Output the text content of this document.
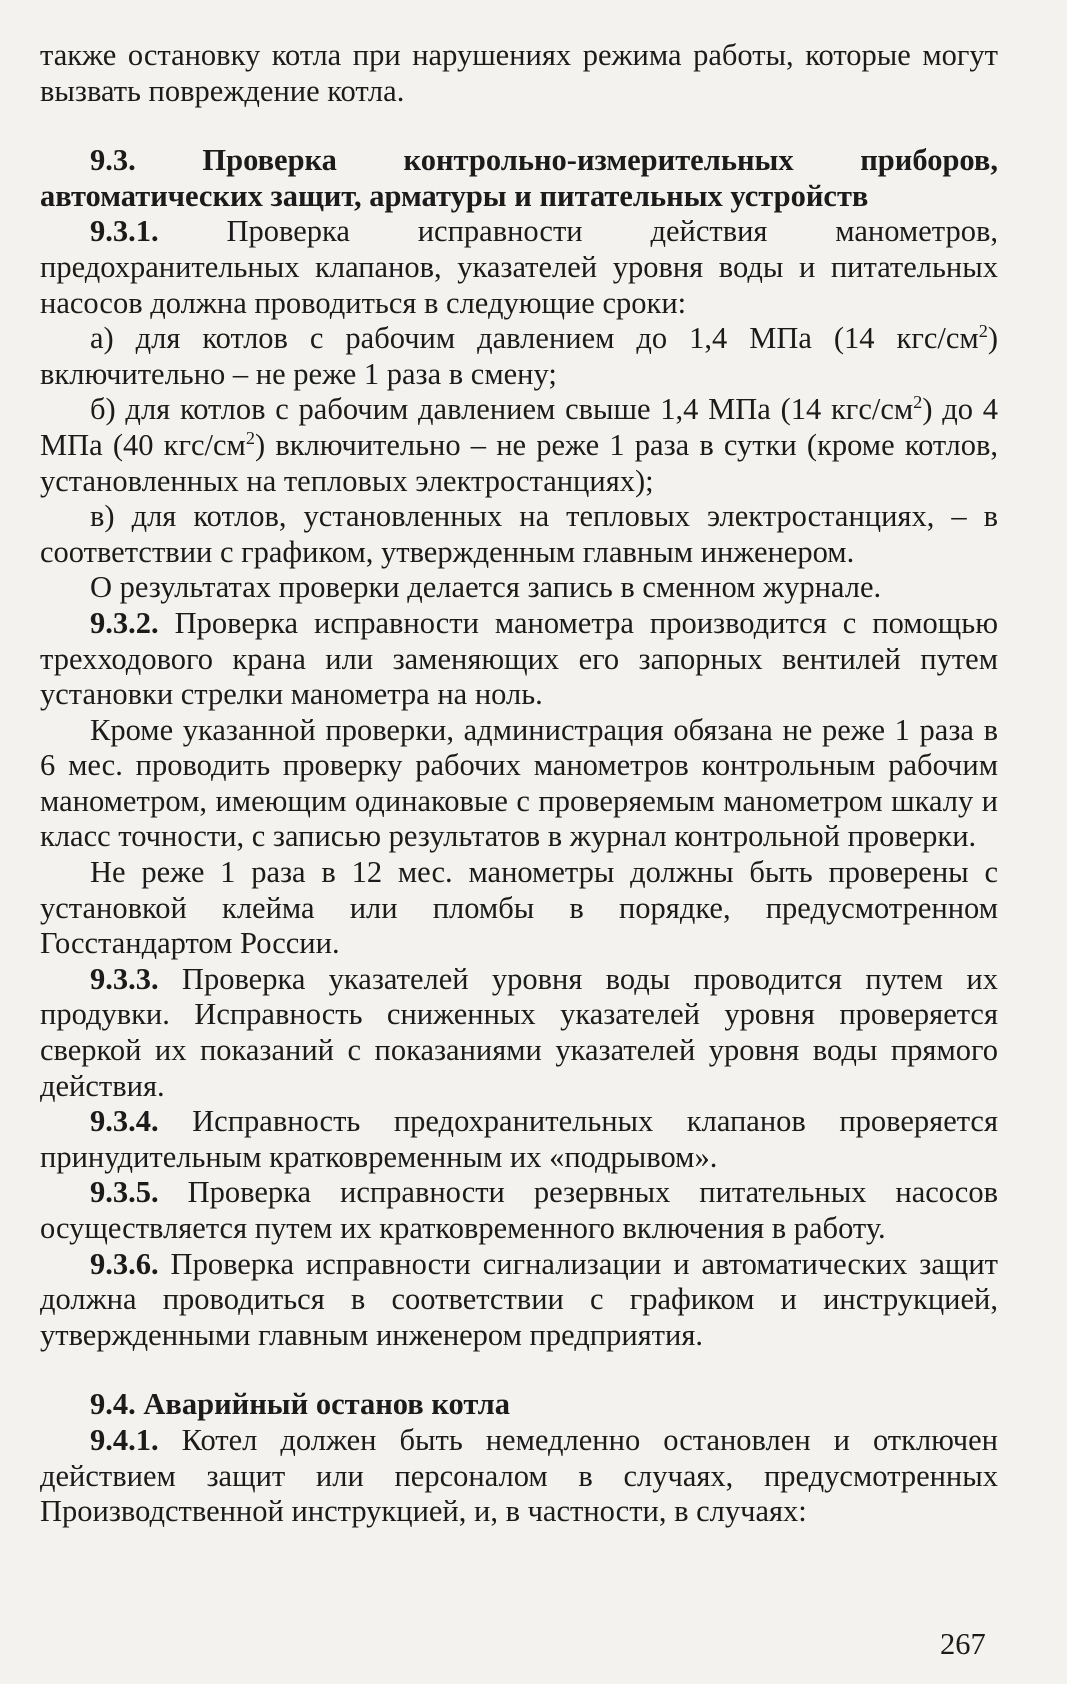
также остановку котла при нарушениях режима работы, которые могут вызвать повреждение котла.

9.3. Проверка контрольно-измерительных приборов, автоматических защит, арматуры и питательных устройств

9.3.1. Проверка исправности действия манометров, предохранительных клапанов, указателей уровня воды и питательных насосов должна проводиться в следующие сроки:

а) для котлов с рабочим давлением до 1,4 МПа (14 кгс/$см^2$) включительно – не реже 1 раза в смену;

б) для котлов с рабочим давлением свыше 1,4 МПа (14 кгс/$см^2$) до 4 МПа (40 кгс/$см^2$) включительно – не реже 1 раза в сутки (кроме котлов, установленных на тепловых электростанциях);

в) для котлов, установленных на тепловых электростанциях, – в соответствии с графиком, утвержденным главным инженером.

О результатах проверки делается запись в сменном журнале.

9.3.2. Проверка исправности манометра производится с помощью трехходового крана или заменяющих его запорных вентилей путем установки стрелки манометра на ноль.

Кроме указанной проверки, администрация обязана не реже 1 раза в 6 мес. проводить проверку рабочих манометров контрольным рабочим манометром, имеющим одинаковые с проверяемым манометром шкалу и класс точности, с записью результатов в журнал контрольной проверки.

Не реже 1 раза в 12 мес. манометры должны быть проверены с установкой клейма или пломбы в порядке, предусмотренном Госстандартом России.

9.3.3. Проверка указателей уровня воды проводится путем их продувки. Исправность сниженных указателей уровня проверяется сверкой их показаний с показаниями указателей уровня воды прямого действия.

9.3.4. Исправность предохранительных клапанов проверяется принудительным кратковременным их «подрывом».

9.3.5. Проверка исправности резервных питательных насосов осуществляется путем их кратковременного включения в работу.

9.3.6. Проверка исправности сигнализации и автоматических защит должна проводиться в соответствии с графиком и инструкцией, утвержденными главным инженером предприятия.

9.4. Аварийный останов котла

9.4.1. Котел должен быть немедленно остановлен и отключен действием защит или персоналом в случаях, предусмотренных Производственной инструкцией, и, в частности, в случаях:

267
